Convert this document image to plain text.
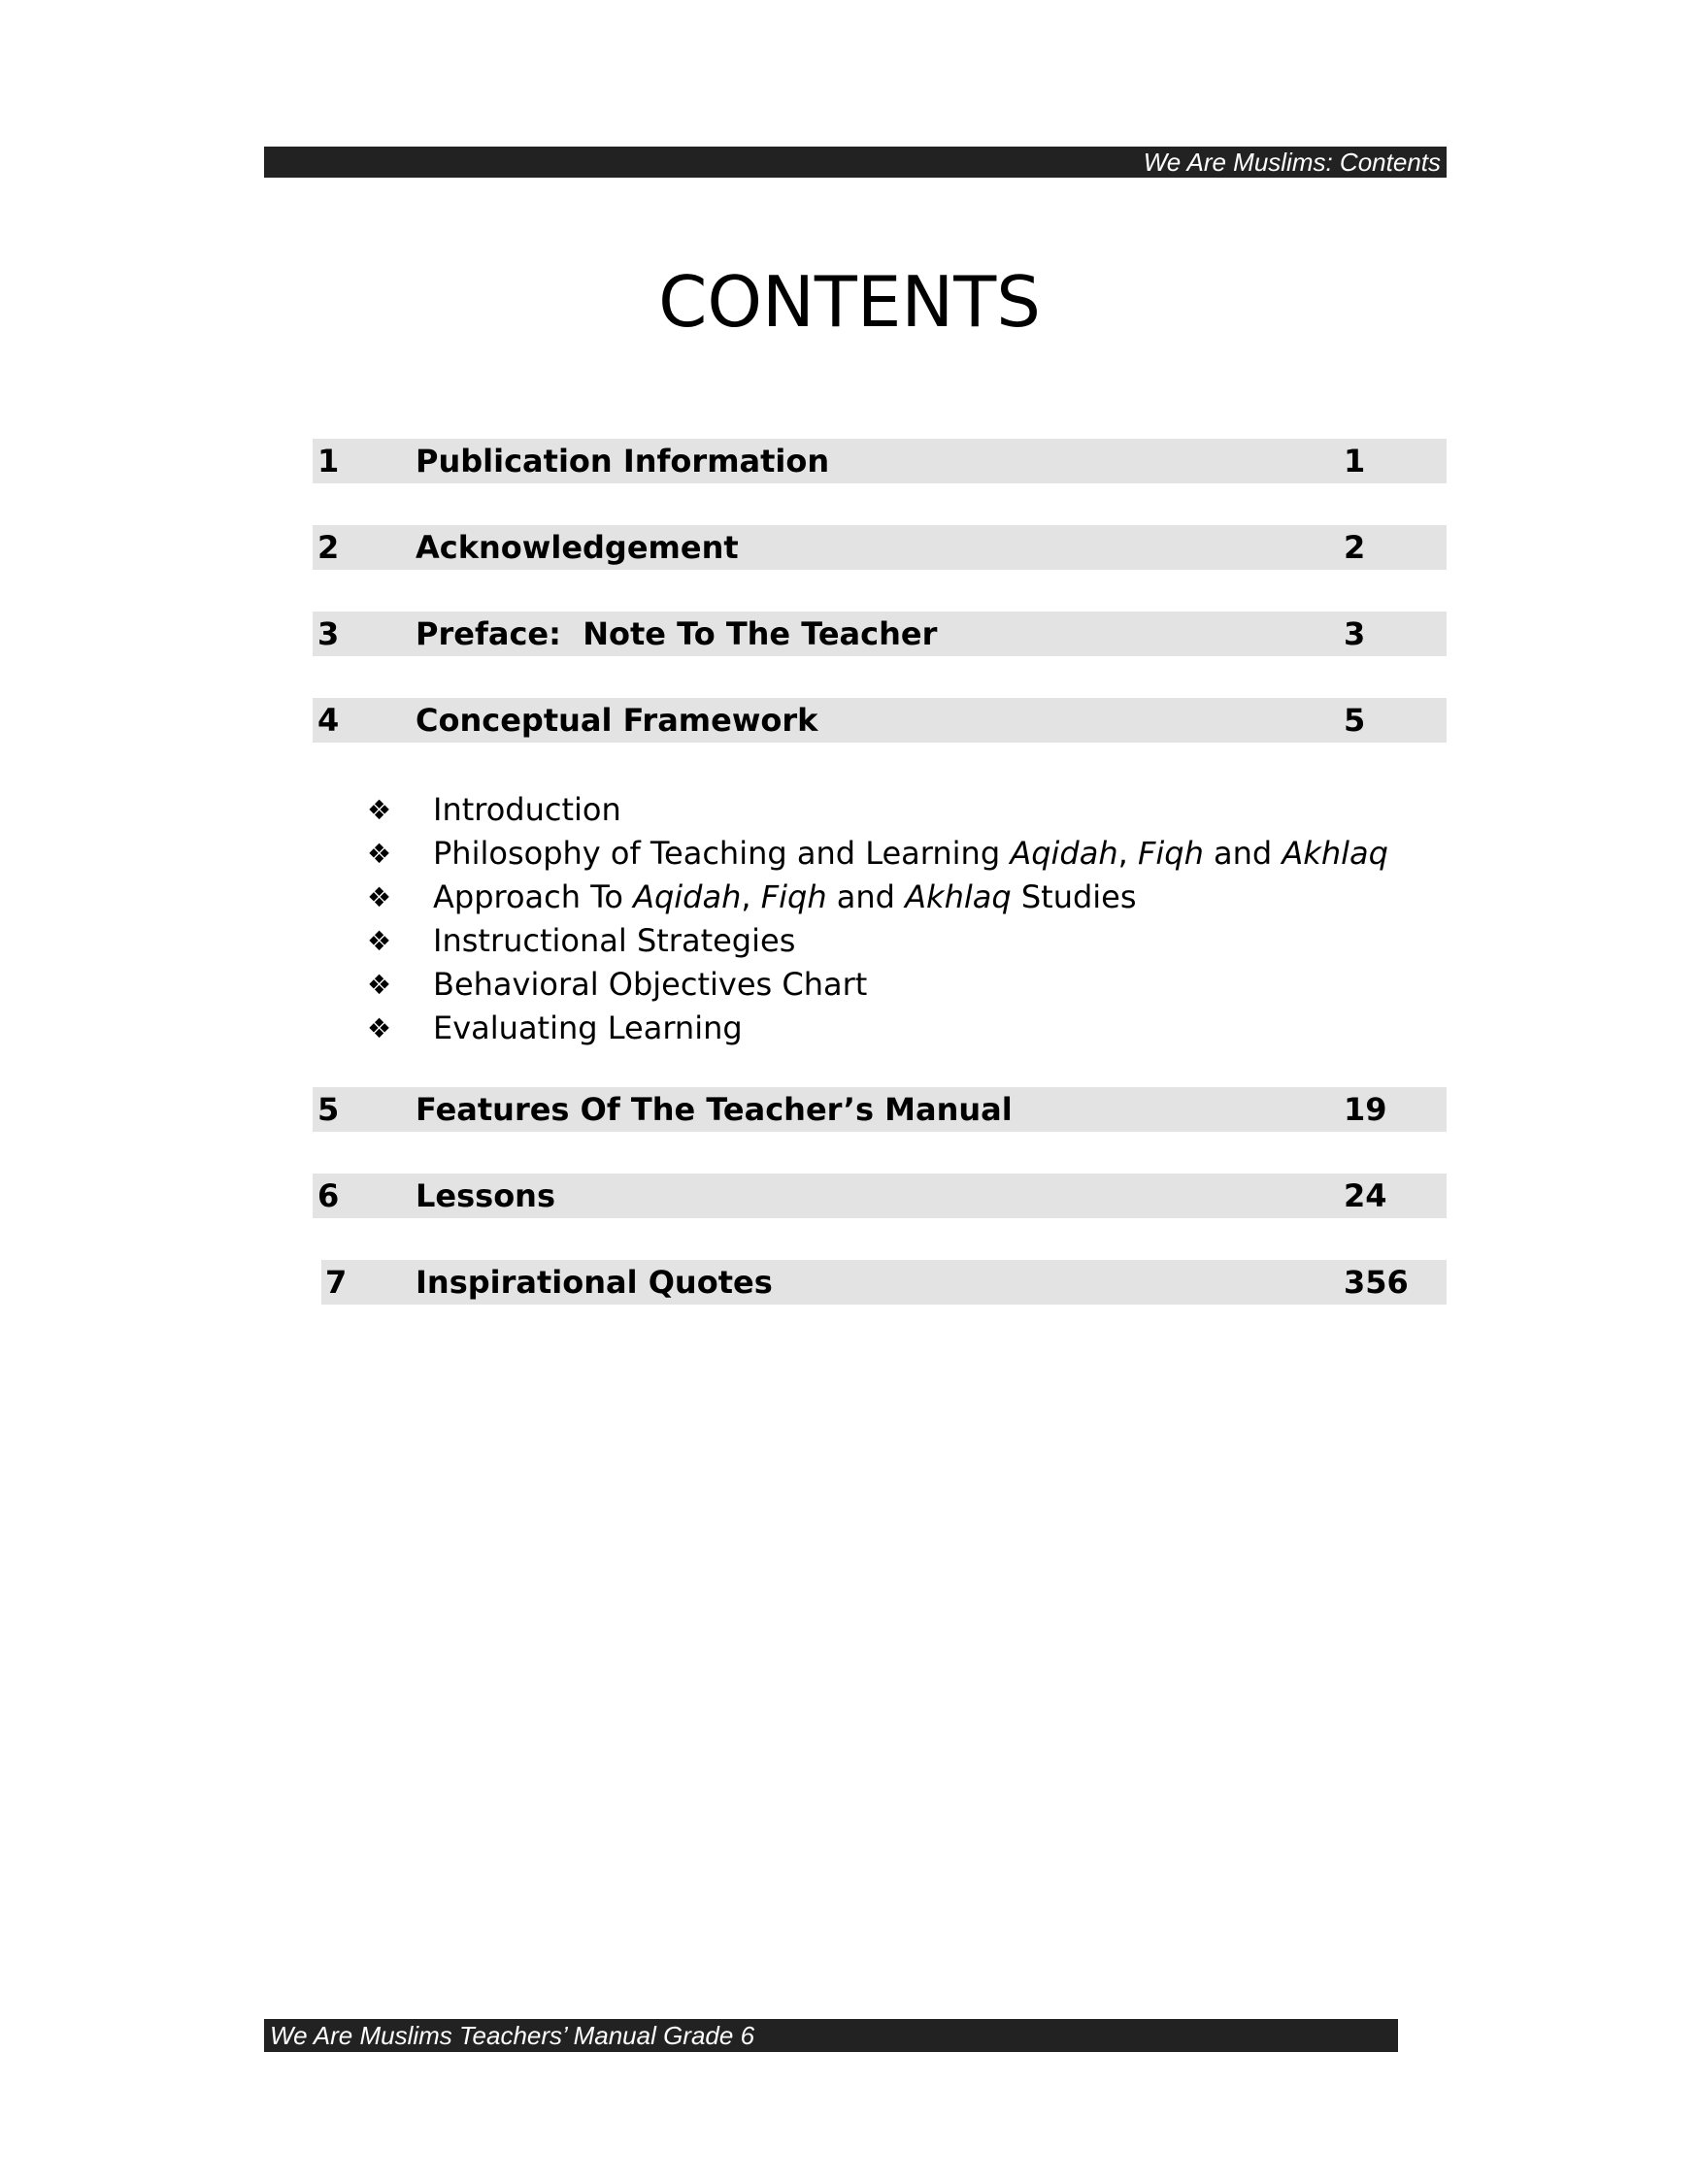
We Are Muslims: Contents
CONTENTS
1 Publication Information	1
2 Acknowledgement	2
3 Preface:  Note To The Teacher	3
4 Conceptual Framework	5
❖ Introduction
❖ Philosophy of Teaching and Learning Aqidah, Fiqh and Akhlaq
❖ Approach To Aqidah, Fiqh and Akhlaq Studies
❖ Instructional Strategies
❖ Behavioral Objectives Chart
❖ Evaluating Learning
5 Features Of The Teacher’s Manual	19
6 Lessons	24
7 Inspirational Quotes	356
We Are Muslims Teachers’ Manual Grade 6
